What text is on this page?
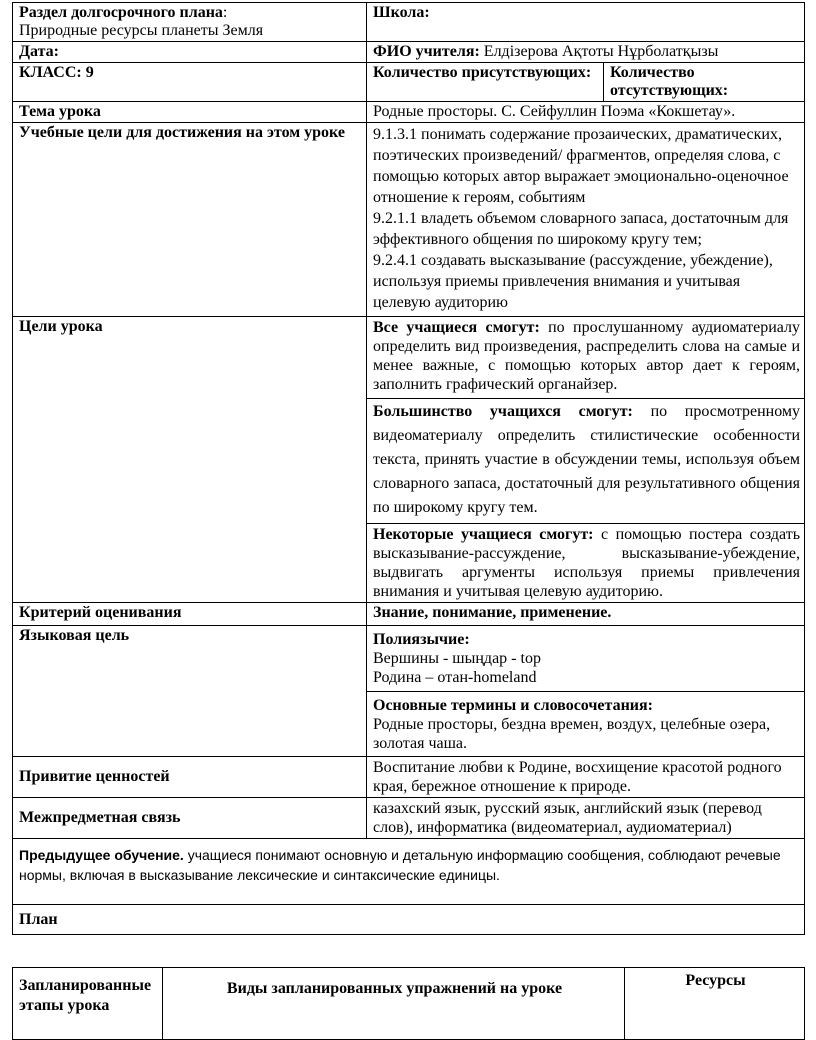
Раздел долгосрочного плана:
Природные ресурсы планеты Земля	Школа:	
Дата:	ФИО учителя: Елдізерова Ақтоты Нұрболатқызы	
КЛАСС: 9	Количество присутствующих:	Количество отсутствующих:
Тема урока	Родные просторы. С. Сейфуллин Поэма «Кокшетау».	
Учебные цели для достижения на этом уроке	9.1.3.1 понимать содержание прозаических, драматических, поэтических произведений/ фрагментов, определяя слова, с помощью которых автор выражает эмоционально-оценочное отношение к героям, событиям

9.2.1.1 владеть объемом словарного запаса, достаточным для эффективного общения по широкому кругу тем;

9.2.4.1 создавать высказывание (рассуждение, убеждение), используя приемы привлечения внимания и учитывая целевую аудиторию	

Цели урока	Все учащиеся смогут: по прослушанному аудиоматериалу определить вид произведения, распределить слова на самые и менее важные, с помощью которых автор дает к героям, заполнить графический органайзер.	
	Большинство учащихся смогут: по просмотренному видеоматериалу определить стилистические особенности текста, принять участие в обсуждении темы, используя объем словарного запаса, достаточный для результативного общения по широкому кругу тем.	
	Некоторые учащиеся смогут: с помощью постера создать высказывание-рассуждение, высказывание-убеждение, выдвигать аргументы используя приемы привлечения внимания и учитывая целевую аудиторию.	
Критерий оценивания	Знание, понимание, применение.	
Языковая цель	Полиязычие:

Вершины - шыңдар - top

Родина – отан-homeland	

	Основные термины и словосочетания:

Родные просторы, бездна времен, воздух, целебные озера, золотая чаша.	

Привитие ценностей	Воспитание любви к Родине, восхищение красотой родного края, бережное отношение к природе.	
Межпредметная связь	казахский язык, русский язык, английский язык (перевод слов), информатика (видеоматериал, аудиоматериал)	
Предыдущее обучение. учащиеся понимают основную и детальную информацию сообщения, соблюдают речевые нормы, включая в высказывание лексические и синтаксические единицы.		
План		
Запланированные этапы урока	Виды запланированных упражнений на уроке	Ресурсы
